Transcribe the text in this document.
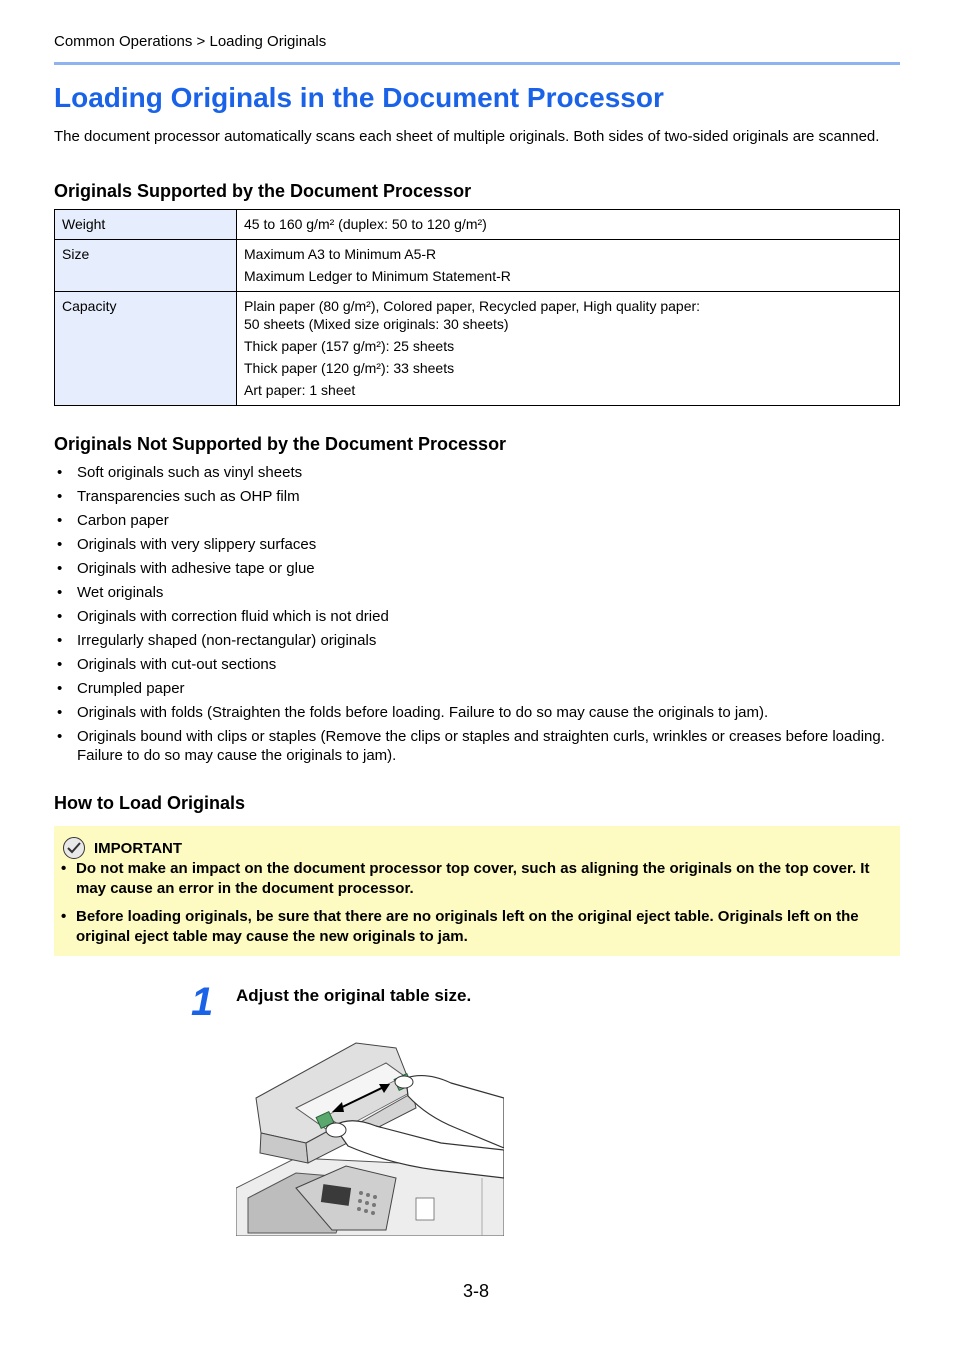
Common Operations > Loading Originals
Loading Originals in the Document Processor

The document processor automatically scans each sheet of multiple originals. Both sides of two-sided originals are scanned.

Originals Supported by the Document Processor
Weight	45 to 160 g/m² (duplex: 50 to 120 g/m²)

Size	Maximum A3 to Minimum A5-R
Maximum Ledger to Minimum Statement-R

Capacity	Plain paper (80 g/m²), Colored paper, Recycled paper, High quality paper:
50 sheets (Mixed size originals: 30 sheets)
Thick paper (157 g/m²): 25 sheets
Thick paper (120 g/m²): 33 sheets
Art paper: 1 sheet
Originals Not Supported by the Document Processor
• Soft originals such as vinyl sheets
• Transparencies such as OHP film
• Carbon paper
• Originals with very slippery surfaces
• Originals with adhesive tape or glue
• Wet originals
• Originals with correction fluid which is not dried
• Irregularly shaped (non-rectangular) originals
• Originals with cut-out sections
• Crumpled paper
• Originals with folds (Straighten the folds before loading. Failure to do so may cause the originals to jam).
• Originals bound with clips or staples (Remove the clips or staples and straighten curls, wrinkles or creases before loading. Failure to do so may cause the originals to jam).
How to Load Originals
IMPORTANT
• Do not make an impact on the document processor top cover, such as aligning the originals on the top cover. It may cause an error in the document processor.
• Before loading originals, be sure that there are no originals left on the original eject table. Originals left on the original eject table may cause the new originals to jam.
1 Adjust the original table size.
3-8
